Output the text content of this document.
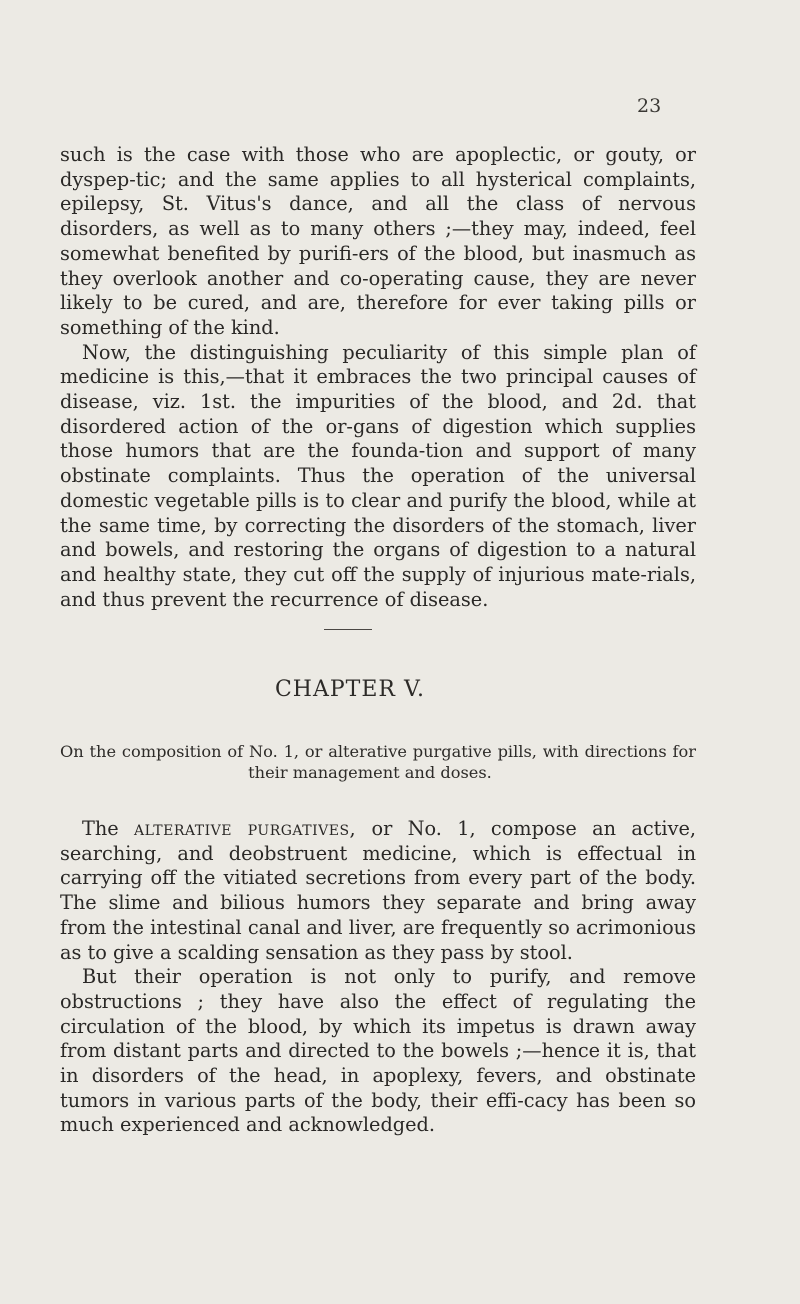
23

such is the case with those who are apoplectic, or gouty, or dyspep-tic; and the same applies to all hysterical complaints, epilepsy, St. Vitus's dance, and all the class of nervous disorders, as well as to many others ;—they may, indeed, feel somewhat benefited by purifi-ers of the blood, but inasmuch as they overlook another and co-operating cause, they are never likely to be cured, and are, therefore for ever taking pills or something of the kind.

Now, the distinguishing peculiarity of this simple plan of medicine is this,—that it embraces the two principal causes of disease, viz. 1st. the impurities of the blood, and 2d. that disordered action of the or-gans of digestion which supplies those humors that are the founda-tion and support of many obstinate complaints. Thus the operation of the universal domestic vegetable pills is to clear and purify the blood, while at the same time, by correcting the disorders of the stomach, liver and bowels, and restoring the organs of digestion to a natural and healthy state, they cut off the supply of injurious mate-rials, and thus prevent the recurrence of disease.

CHAPTER V.
On the composition of No. 1, or alterative purgative pills, with directions for
their management and doses.

The alterative purgatives, or No. 1, compose an active, searching, and deobstruent medicine, which is effectual in carrying off the vitiated secretions from every part of the body. The slime and bilious humors they separate and bring away from the intestinal canal and liver, are frequently so acrimonious as to give a scalding sensation as they pass by stool.

But their operation is not only to purify, and remove obstructions ; they have also the effect of regulating the circulation of the blood, by which its impetus is drawn away from distant parts and directed to the bowels ;—hence it is, that in disorders of the head, in apoplexy, fevers, and obstinate tumors in various parts of the body, their effi-cacy has been so much experienced and acknowledged.
